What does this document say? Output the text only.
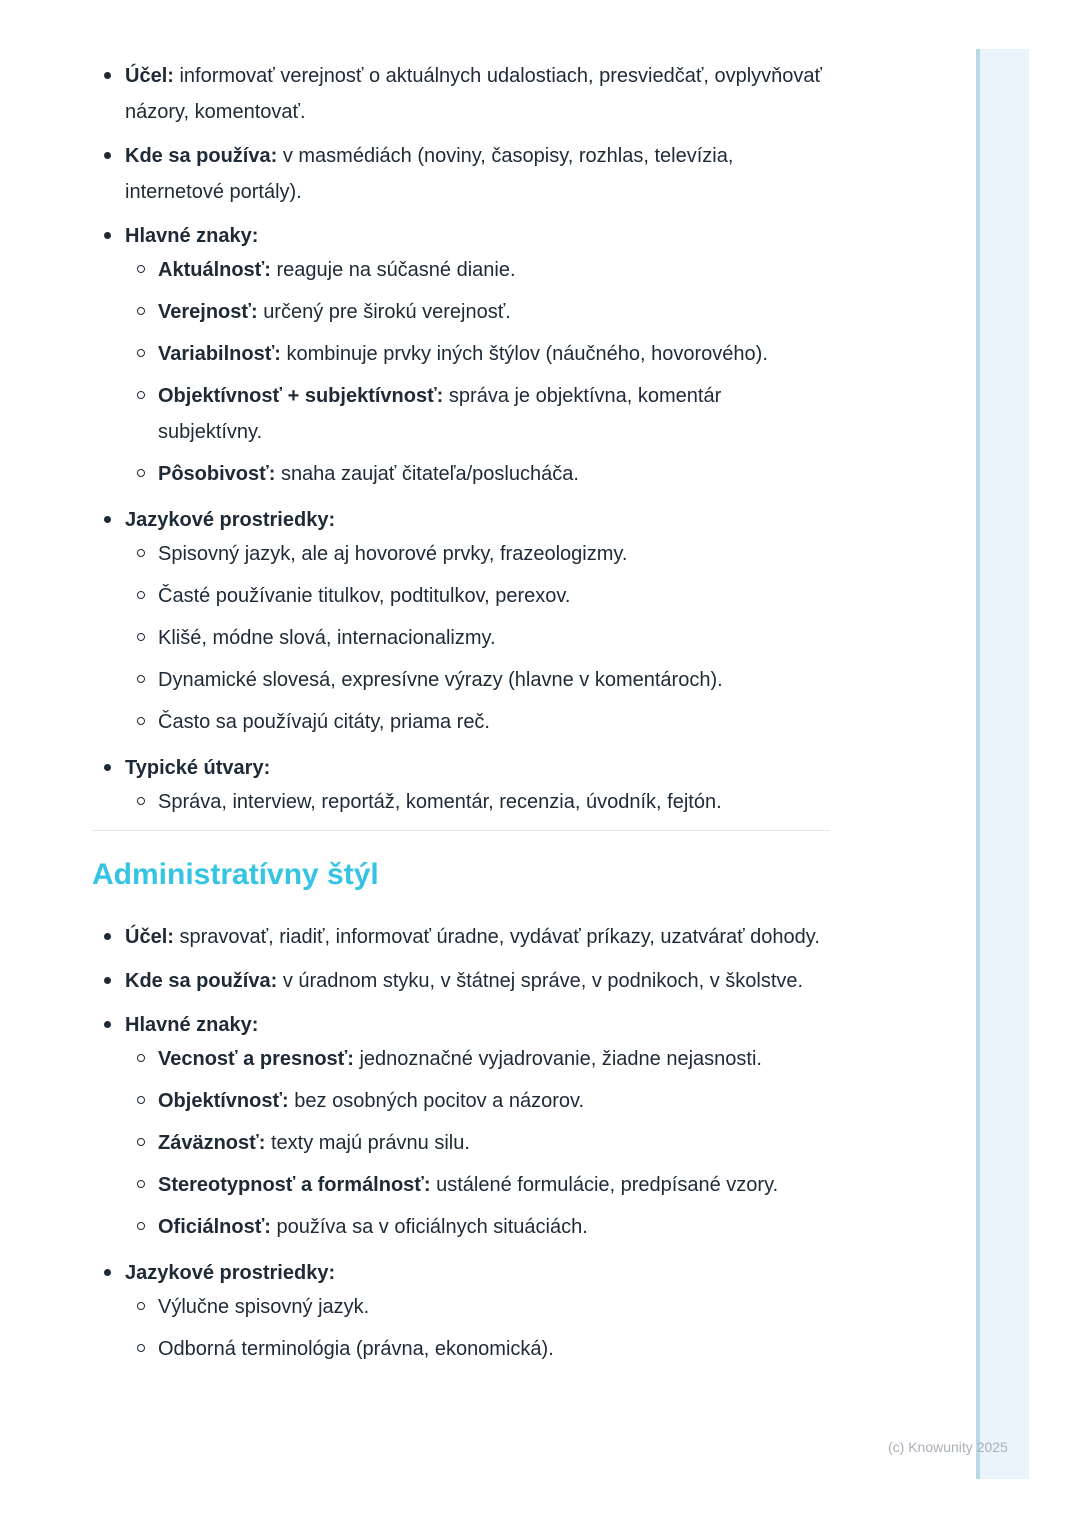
Účel: informovať verejnosť o aktuálnych udalostiach, presviedčať, ovplyvňovať názory, komentovať.
Kde sa používa: v masmédiách (noviny, časopisy, rozhlas, televízia, internetové portály).
Hlavné znaky:
Aktuálnosť: reaguje na súčasné dianie.
Verejnosť: určený pre širokú verejnosť.
Variabilnosť: kombinuje prvky iných štýlov (náučného, hovorového).
Objektívnosť + subjektívnosť: správa je objektívna, komentár subjektívny.
Pôsobivosť: snaha zaujať čitateľa/poslucháča.
Jazykové prostriedky:
Spisovný jazyk, ale aj hovorové prvky, frazeologizmy.
Časté používanie titulkov, podtitulkov, perexov.
Klišé, módne slová, internacionalizmy.
Dynamické slovesá, expresívne výrazy (hlavne v komentároch).
Často sa používajú citáty, priama reč.
Typické útvary:
Správa, interview, reportáž, komentár, recenzia, úvodník, fejtón.
Administratívny štýl
Účel: spravovať, riadiť, informovať úradne, vydávať príkazy, uzatvárať dohody.
Kde sa používa: v úradnom styku, v štátnej správe, v podnikoch, v školstve.
Hlavné znaky:
Vecnosť a presnosť: jednoznačné vyjadrovanie, žiadne nejasnosti.
Objektívnosť: bez osobných pocitov a názorov.
Záväznosť: texty majú právnu silu.
Stereotypnosť a formálnosť: ustálené formulácie, predpísané vzory.
Oficiálnosť: používa sa v oficiálnych situáciách.
Jazykové prostriedky:
Výlučne spisovný jazyk.
Odborná terminológia (právna, ekonomická).
(c) Knowunity 2025
